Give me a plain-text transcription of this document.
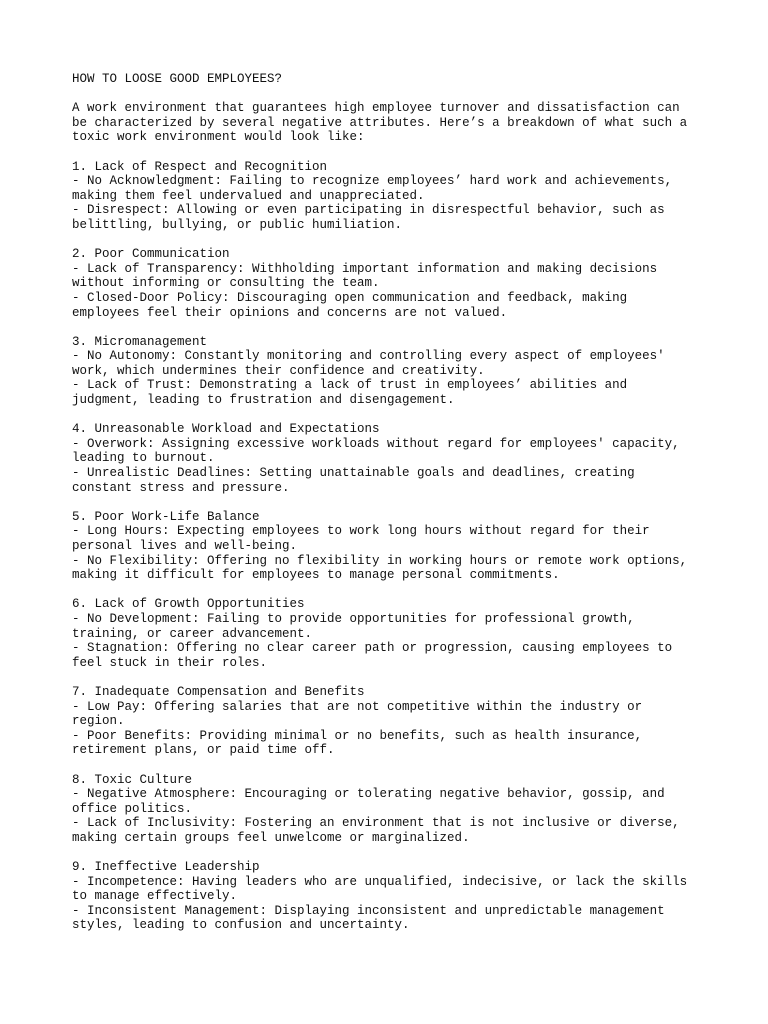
HOW TO LOOSE GOOD EMPLOYEES?
A work environment that guarantees high employee turnover and dissatisfaction can
be characterized by several negative attributes. Here’s a breakdown of what such a
toxic work environment would look like:
1. Lack of Respect and Recognition
- No Acknowledgment: Failing to recognize employees’ hard work and achievements,
making them feel undervalued and unappreciated.
- Disrespect: Allowing or even participating in disrespectful behavior, such as
belittling, bullying, or public humiliation.
2. Poor Communication
- Lack of Transparency: Withholding important information and making decisions
without informing or consulting the team.
- Closed-Door Policy: Discouraging open communication and feedback, making
employees feel their opinions and concerns are not valued.
3. Micromanagement
- No Autonomy: Constantly monitoring and controlling every aspect of employees'
work, which undermines their confidence and creativity.
- Lack of Trust: Demonstrating a lack of trust in employees’ abilities and
judgment, leading to frustration and disengagement.
4. Unreasonable Workload and Expectations
- Overwork: Assigning excessive workloads without regard for employees' capacity,
leading to burnout.
- Unrealistic Deadlines: Setting unattainable goals and deadlines, creating
constant stress and pressure.
5. Poor Work-Life Balance
- Long Hours: Expecting employees to work long hours without regard for their
personal lives and well-being.
- No Flexibility: Offering no flexibility in working hours or remote work options,
making it difficult for employees to manage personal commitments.
6. Lack of Growth Opportunities
- No Development: Failing to provide opportunities for professional growth,
training, or career advancement.
- Stagnation: Offering no clear career path or progression, causing employees to
feel stuck in their roles.
7. Inadequate Compensation and Benefits
- Low Pay: Offering salaries that are not competitive within the industry or
region.
- Poor Benefits: Providing minimal or no benefits, such as health insurance,
retirement plans, or paid time off.
8. Toxic Culture
- Negative Atmosphere: Encouraging or tolerating negative behavior, gossip, and
office politics.
- Lack of Inclusivity: Fostering an environment that is not inclusive or diverse,
making certain groups feel unwelcome or marginalized.
9. Ineffective Leadership
- Incompetence: Having leaders who are unqualified, indecisive, or lack the skills
to manage effectively.
- Inconsistent Management: Displaying inconsistent and unpredictable management
styles, leading to confusion and uncertainty.
